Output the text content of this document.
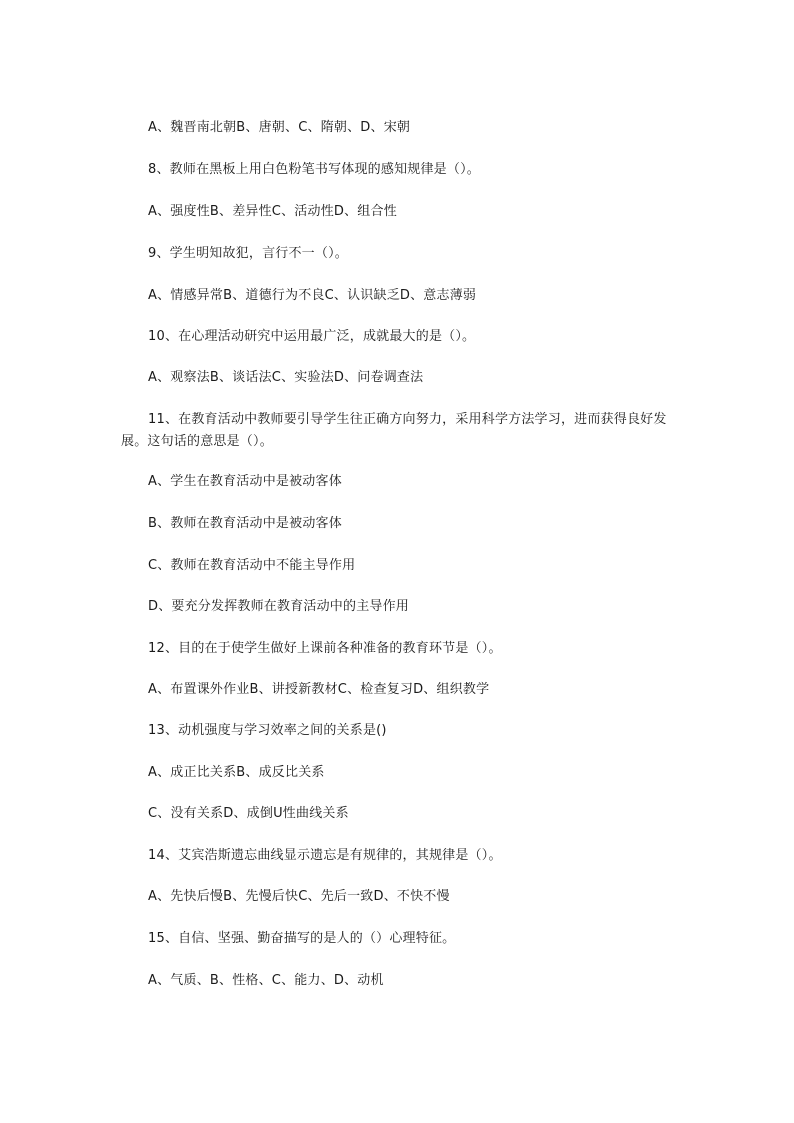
A、魏晋南北朝B、唐朝、C、隋朝、D、宋朝
8、教师在黑板上用白色粉笔书写体现的感知规律是（）。
A、强度性B、差异性C、活动性D、组合性
9、学生明知故犯，言行不一（）。
A、情感异常B、道德行为不良C、认识缺乏D、意志薄弱
10、在心理活动研究中运用最广泛，成就最大的是（）。
A、观察法B、谈话法C、实验法D、问卷调查法
11、在教育活动中教师要引导学生往正确方向努力，采用科学方法学习，进而获得良好发展。这句话的意思是（）。
A、学生在教育活动中是被动客体
B、教师在教育活动中是被动客体
C、教师在教育活动中不能主导作用
D、要充分发挥教师在教育活动中的主导作用
12、目的在于使学生做好上课前各种准备的教育环节是（）。
A、布置课外作业B、讲授新教材C、检查复习D、组织教学
13、动机强度与学习效率之间的关系是()
A、成正比关系B、成反比关系
C、没有关系D、成倒U性曲线关系
14、艾宾浩斯遗忘曲线显示遗忘是有规律的，其规律是（）。
A、先快后慢B、先慢后快C、先后一致D、不快不慢
15、自信、坚强、勤奋描写的是人的（）心理特征。
A、气质、B、性格、C、能力、D、动机
